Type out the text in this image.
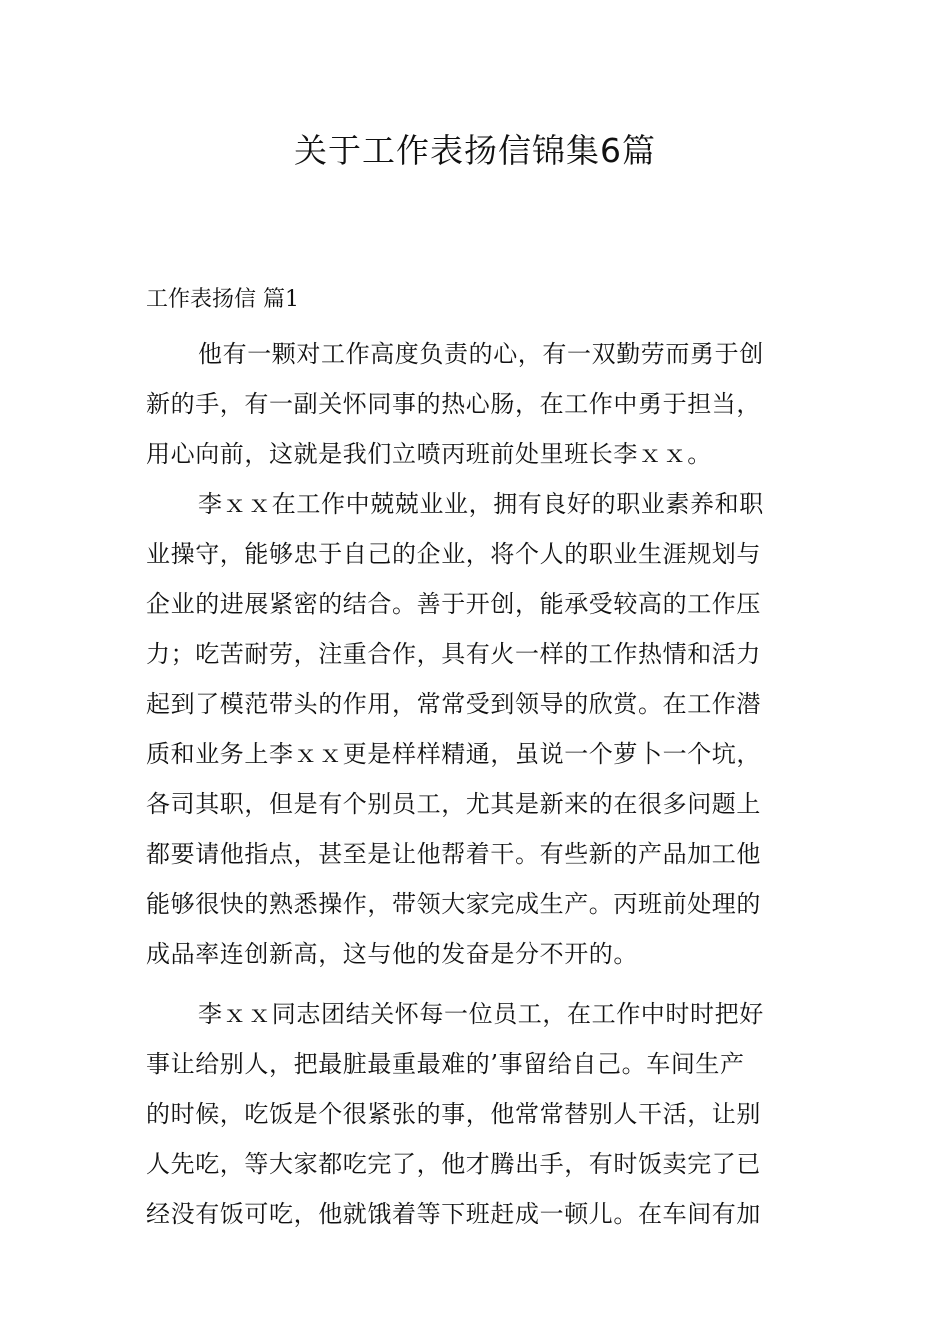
关于工作表扬信锦集6篇
工作表扬信 篇1
他有一颗对工作高度负责的心，有一双勤劳而勇于创
新的手，有一副关怀同事的热心肠，在工作中勇于担当，
用心向前，这就是我们立喷丙班前处里班长李ｘｘ。
李ｘｘ在工作中兢兢业业，拥有良好的职业素养和职
业操守，能够忠于自己的企业，将个人的职业生涯规划与
企业的进展紧密的结合。善于开创，能承受较高的工作压
力；吃苦耐劳，注重合作，具有火一样的工作热情和活力
起到了模范带头的作用，常常受到领导的欣赏。在工作潜
质和业务上李ｘｘ更是样样精通，虽说一个萝卜一个坑，
各司其职，但是有个别员工，尤其是新来的在很多问题上
都要请他指点，甚至是让他帮着干。有些新的产品加工他
能够很快的熟悉操作，带领大家完成生产。丙班前处理的
成品率连创新高，这与他的发奋是分不开的。
李ｘｘ同志团结关怀每一位员工，在工作中时时把好
事让给别人，把最脏最重最难的’事留给自己。车间生产
的时候，吃饭是个很紧张的事，他常常替别人干活，让别
人先吃，等大家都吃完了，他才腾出手，有时饭卖完了已
经没有饭可吃，他就饿着等下班赶成一顿儿。在车间有加
